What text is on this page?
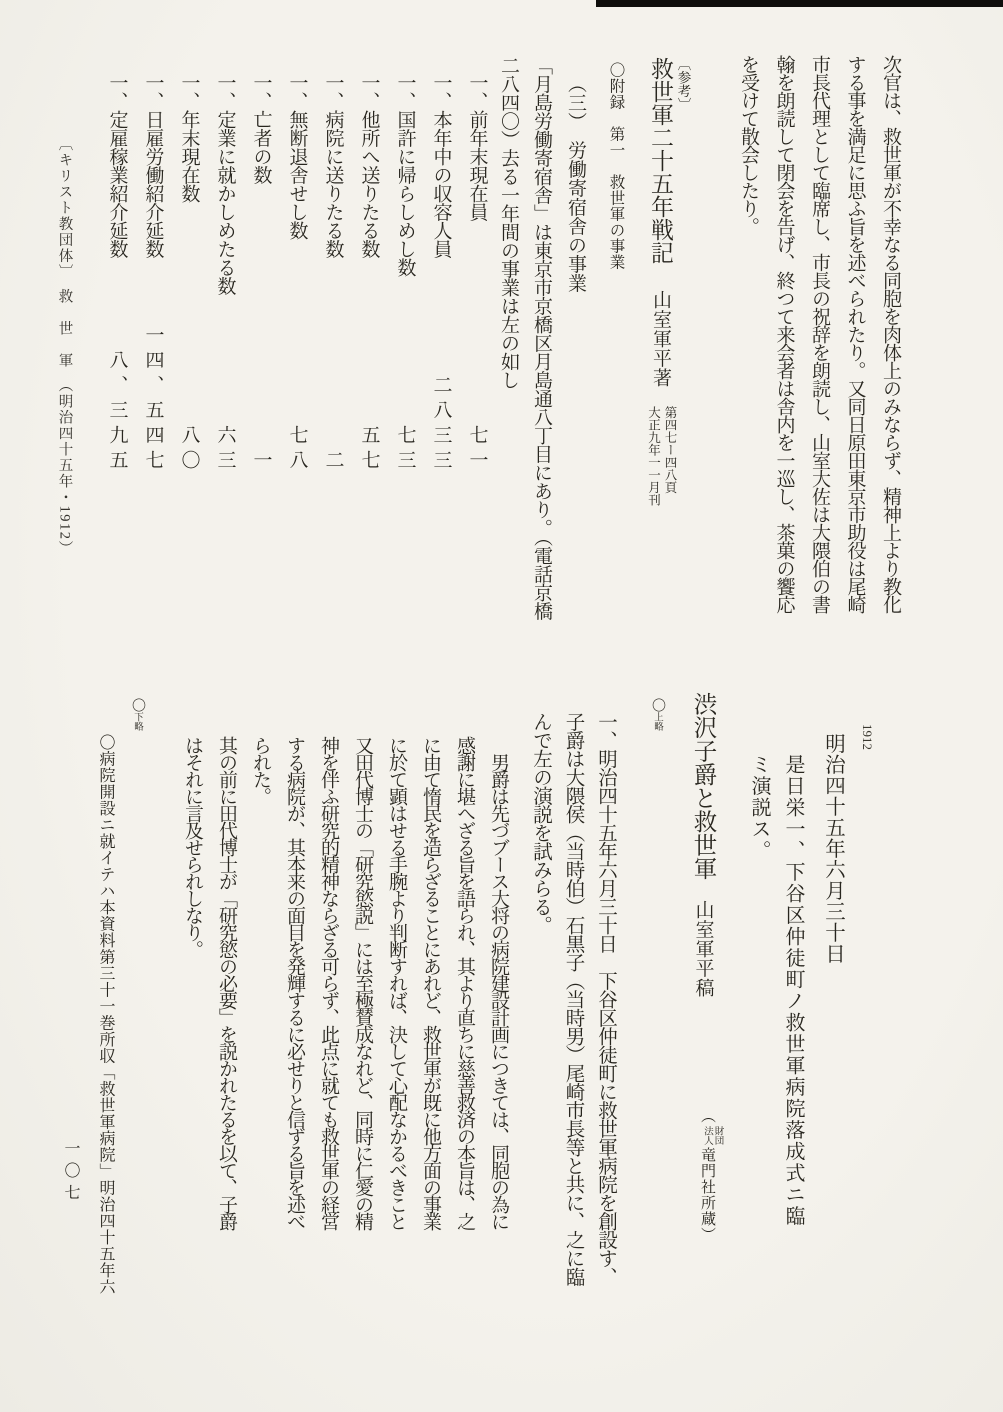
次官は、救世軍が不幸なる同胞を肉体上のみならず、精神上より教化
する事を満足に思ふ旨を述べられたり。又同日原田東京市助役は尾崎
市長代理として臨席し、市長の祝辞を朗読し、山室大佐は大隈伯の書
翰を朗読して閉会を告げ、終つて来会者は舎内を一巡し、茶菓の饗応
を受けて散会したり。
〔参考〕
救世軍二十五年戦記山室軍平著
第四七ー四八頁
大正九年一一月刊
〇附録　第一　救世軍の事業
（三）　労働寄宿舎の事業
「月島労働寄宿舎」は東京市京橋区月島通八丁目にあり。（電話京橋
二八四〇）去る一年間の事業は左の如し
一、前年末現在員
七一
一、本年中の収容人員
二八三三
一、国許に帰らしめし数
七三
一、他所へ送りたる数
五七
一、病院に送りたる数
二
一、無断退舎せし数
七八
一、亡者の数
一
一、定業に就かしめたる数
六三
一、年末現在数
八〇
一、日雇労働紹介延数
一四、五四七
一、定雇稼業紹介延数
八、三九五
〔キリスト教団体〕　救　世　軍　（明治四十五年・1912）
1912
明治四十五年六月三十日
是日栄一、下谷区仲徒町ノ救世軍病院落成式ニ臨
ミ演説ス。
渋沢子爵と救世軍山室軍平稿
（
財団
法人
竜門社所蔵）
〇上略
一、明治四十五年六月三十日　下谷区仲徒町に救世軍病院を創設す、
子爵は大隈侯（当時伯）石黒子（当時男）尾崎市長等と共に、之に臨
んで左の演説を試みらる。
　男爵は先づブース大将の病院建設計画につきては、同胞の為に
感謝に堪へざる旨を語られ、其より直ちに慈善救済の本旨は、之
に由て惰民を造らざることにあれど、救世軍が既に他方面の事業
に於て顕はせる手腕より判断すれば、決して心配なかるべきこと
又田代博士の「研究慾説」には至極賛成なれど、同時に仁愛の精
神を伴ふ研究的精神ならざる可らず、此点に就ても救世軍の経営
する病院が、其本来の面目を発輝するに必せりと信ずる旨を述べ
られた。
其の前に田代博士が「研究慾の必要」を説かれたるを以て、子爵
はそれに言及せられしなり。
〇下略
〇病院開設ニ就イテハ本資料第三十一巻所収「救世軍病院」明治四十五年六
一〇七
